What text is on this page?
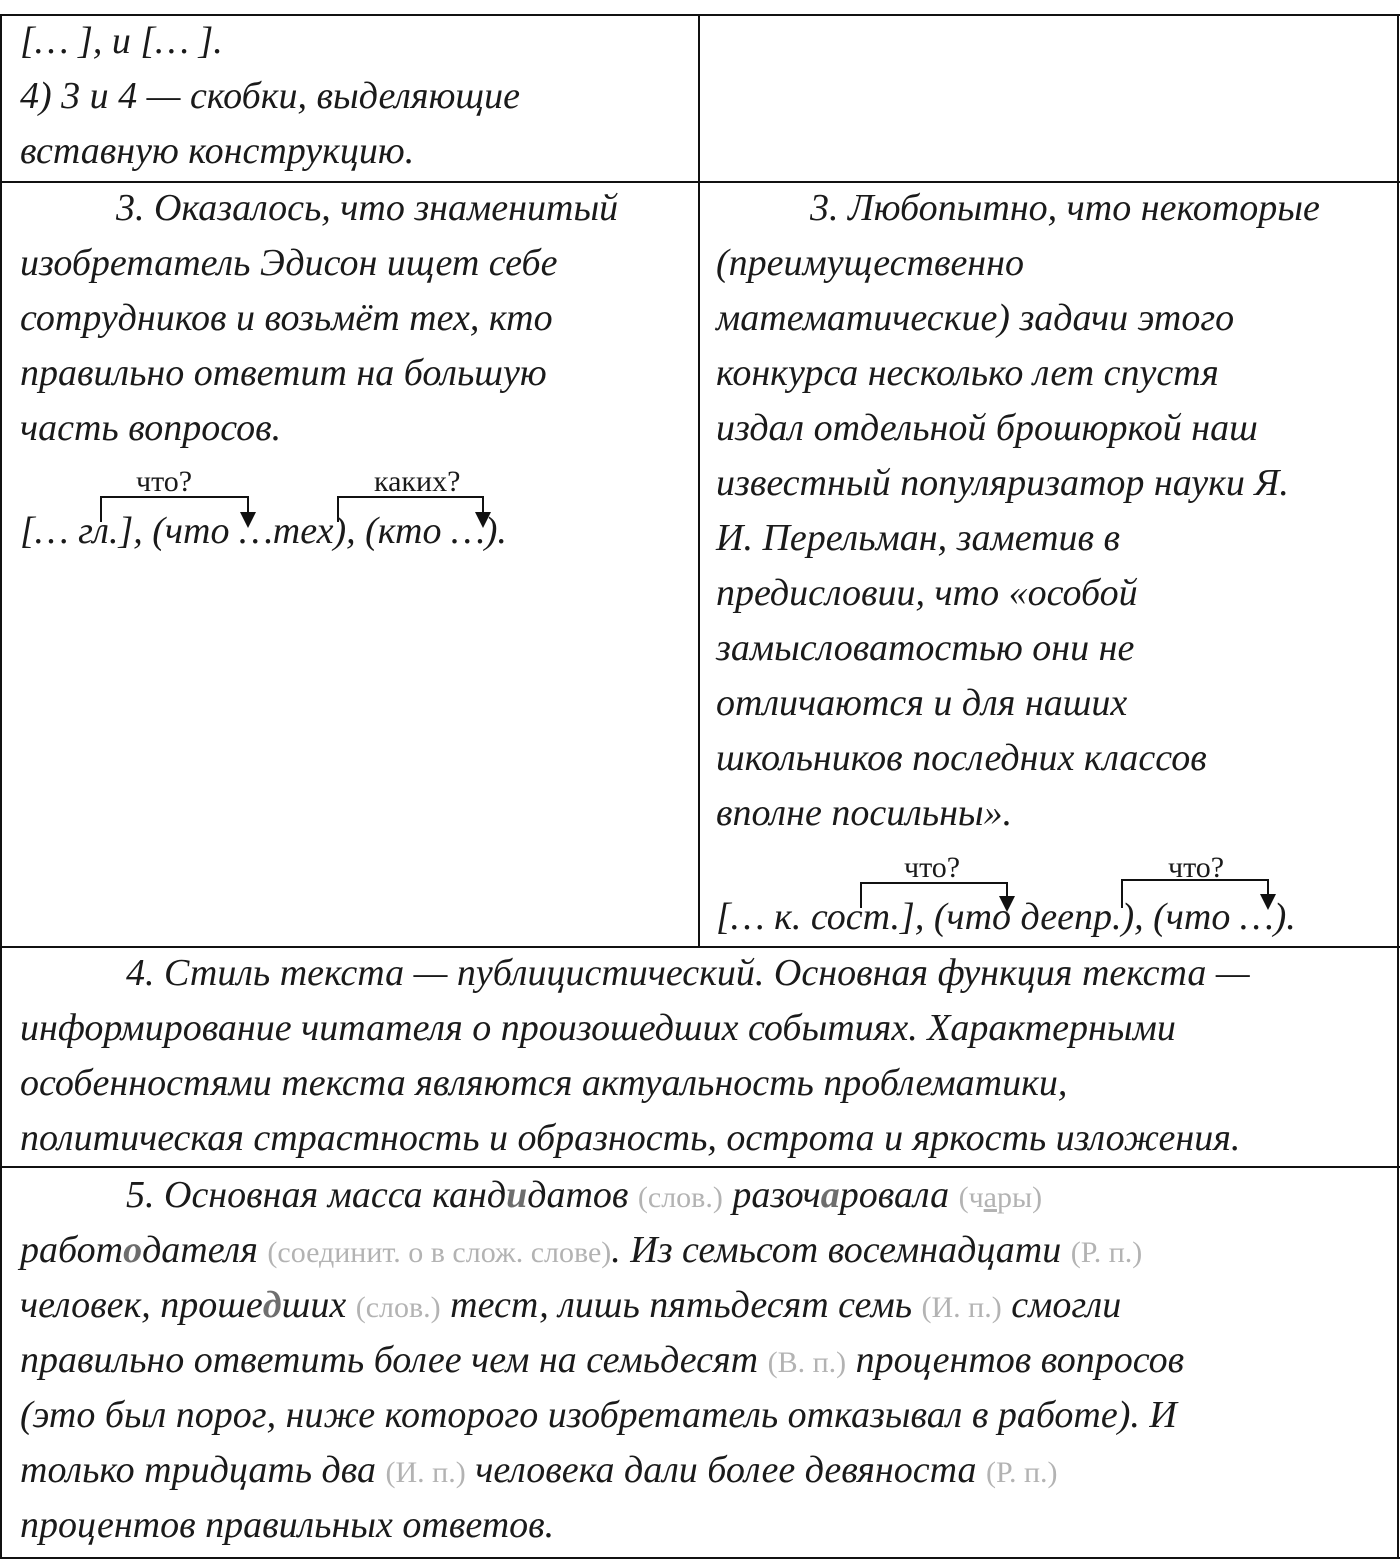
[… ], и [… ].
4) 3 и 4 — скобки, выделяющие
вставную конструкцию.
3. Оказалось, что знаменитый
изобретатель Эдисон ищет себе
сотрудников и возьмёт тех, кто
правильно ответит на большую
часть вопросов.
что?	каких?
[… гл.], (что …тех), (кто …).
3. Любопытно, что некоторые
(преимущественно
математические) задачи этого
конкурса несколько лет спустя
издал отдельной брошюркой наш
известный популяризатор науки Я.
И. Перельман, заметив в
предисловии, что «особой
замысловатостью они не
отличаются и для наших
школьников последних классов
вполне посильны».
что?	что?
[… к. сост.], (что деепр.), (что …).
4. Стиль текста — публицистический. Основная функция текста —
информирование читателя о произошедших событиях. Характерными
особенностями текста являются актуальность проблематики,
политическая страстность и образность, острота и яркость изложения.
5. Основная масса кандидатов (слов.) разочаровала (чары)
работодателя (соединит. о в слож. слове). Из семьсот восемнадцати (Р. п.)
человек, прошедших (слов.) тест, лишь пятьдесят семь (И. п.) смогли
правильно ответить более чем на семьдесят (В. п.) процентов вопросов
(это был порог, ниже которого изобретатель отказывал в работе). И
только тридцать два (И. п.) человека дали более девяноста (Р. п.)
процентов правильных ответов.
